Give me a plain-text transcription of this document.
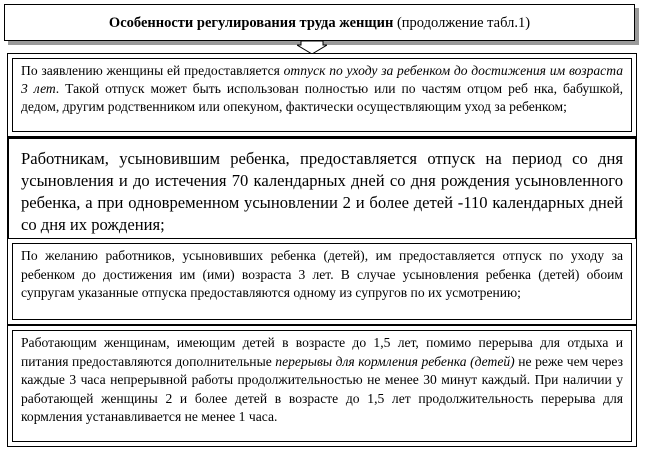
Особенности регулирования труда женщин (продолжение табл.1)
По заявлению женщины ей предоставляется отпуск по уходу за ребенком до достижения им возраста 3 лет. Такой отпуск может быть использован полностью или по частям отцом реб нка, бабушкой, дедом, другим родственником или опекуном, фактически осуществляющим уход за ребенком;
Работникам, усыновившим ребенка, предоставляется отпуск на период со дня усыновления и до истечения 70 календарных дней со дня рождения усыновленного ребенка, а при одновременном усыновлении 2 и более детей -110 календарных дней со дня их рождения;
По желанию работников, усыновивших ребенка (детей), им предоставляется отпуск по уходу за ребенком до достижения им (ими) возраста 3 лет. В случае усыновления ребенка (детей) обоим супругам указанные отпуска предоставляются одному из супругов по их усмотрению;
Работающим женщинам, имеющим детей в возрасте до 1,5 лет, помимо перерыва для отдыха и питания предоставляются дополнительные перерывы для кормления ребенка (детей) не реже чем через каждые 3 часа непрерывной работы продолжительностью не менее 30 минут каждый. При наличии у работающей женщины 2 и более детей в возрасте до 1,5 лет продолжительность перерыва для кормления устанавливается не менее 1 часа.
